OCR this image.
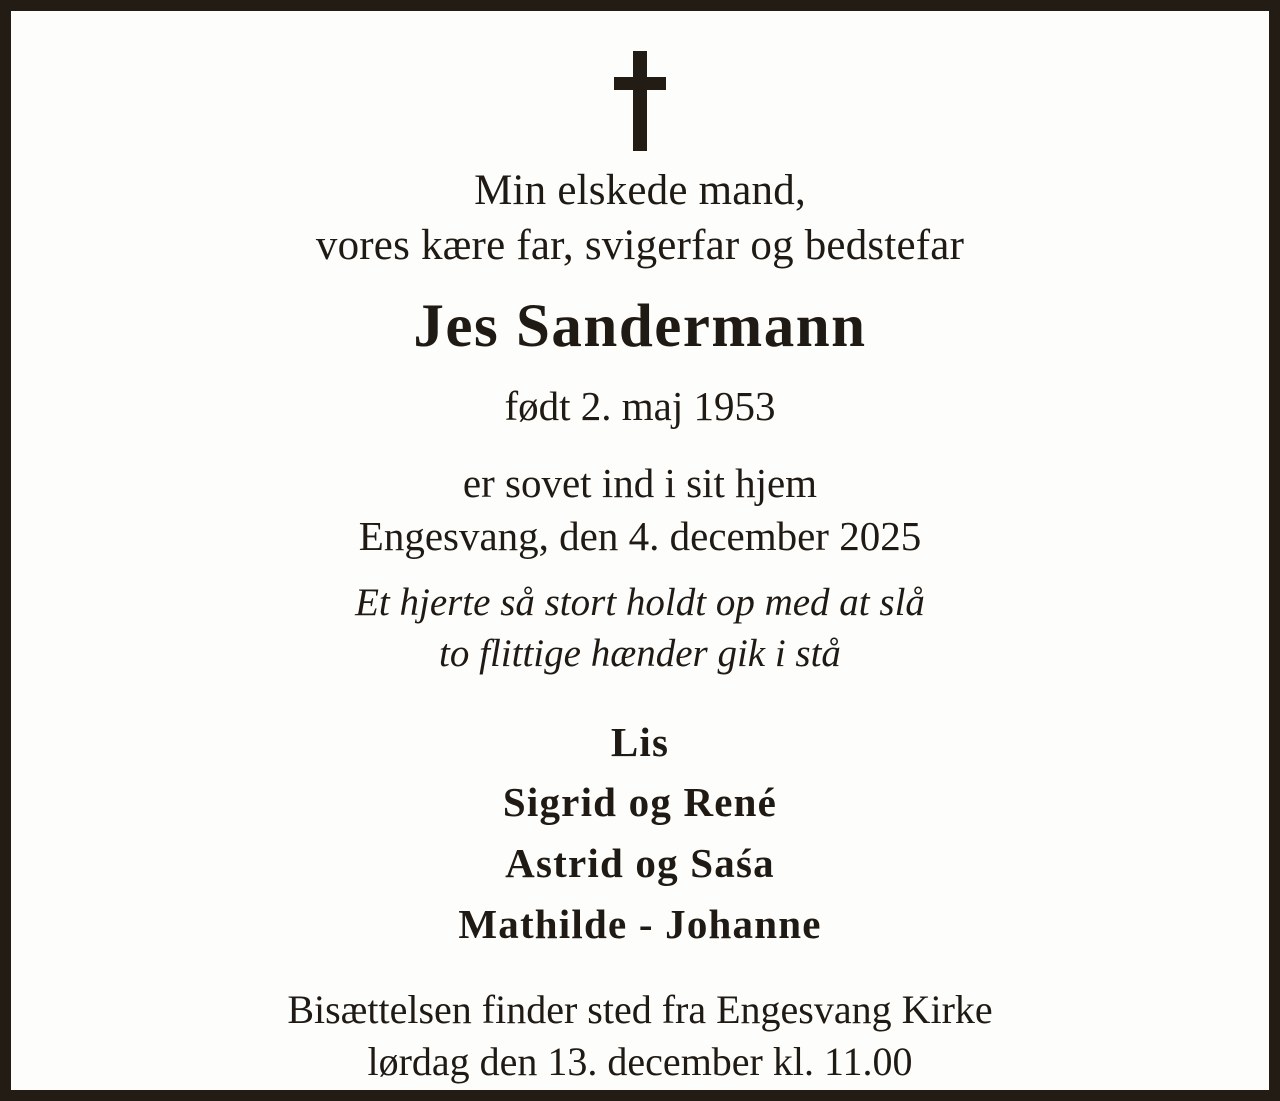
Min elskede mand,
vores kære far, svigerfar og bedstefar
Jes Sandermann
født 2. maj 1953
er sovet ind i sit hjem
Engesvang, den 4. december 2025
Et hjerte så stort holdt op med at slå
to flittige hænder gik i stå
Lis
Sigrid og René
Astrid og Saśa
Mathilde - Johanne
Bisættelsen finder sted fra Engesvang Kirke
lørdag den 13. december kl. 11.00
